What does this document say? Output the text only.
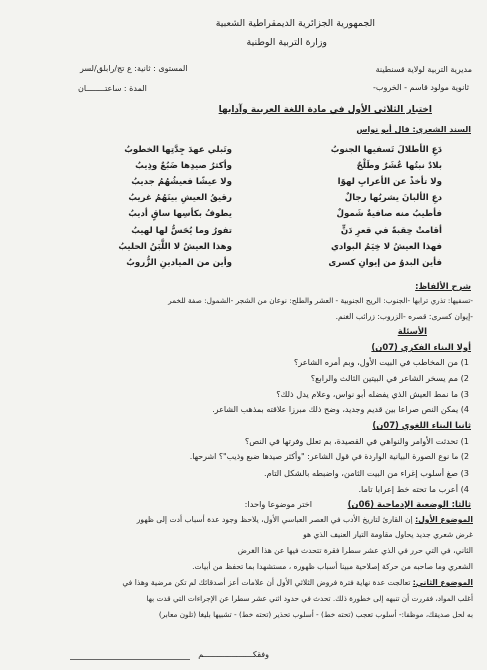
الجمهورية الجزائرية الديمقراطية الشعبية
وزارة التربية الوطنية
مديرية التربية لولاية قسنطينة
المستوى : ثانية: ع تج/رابلق/لسر
ثانوية مولود قاسم - الخروب-
المدة : ساعتــــــــان
اختبار الثلاثي الأول في مادة اللغة العربية وآدابها
السند الشعري: قال أبو نواس
دَعِ الأطلالَ تَسفيها الجنوبُ
بلادٌ نبتُها عُشَرٌ وطَلْحٌ
ولا تأخذْ عن الأعرابِ لهوًا
دعِ الألبانَ يشربُها رجالٌ
فأطيبُ منه صافيةٌ شَمولٌ
أقامتْ حِقبةً في قعرِ دَنٍّ
فهذا العيشُ لا خِيَمُ البوادي
فأين البدوُ من إيوانِ كسرى
وتَبلي عهدَ جِدَّتِها الخطوبُ
وأكثرُ صيدِها ضَبُعٌ وذِيبُ
ولا عيشًا فعيشُهُمُ جديبُ
رقيقُ العيشِ بينَهُمُ غريبُ
يطوفُ بكأسِها ساقٍ أديبُ
تفورُ وما يُحَسُّ لها لهيبُ
وهذا العيشُ لا اللَّبَنُ الحليبُ
وأين من الميادينِ الزُّروبُ
شرح الألفاظ:
-تسفيها: تذري ترابها -الجنوب: الريح الجنوبية - العشر والطلح: نوعان من الشجر -الشمول: صفة للخمر
-إيوان كسرى: قصره -الزروب: زرائب الغنم.
الأسئلة
أولا البناء الفكري (07ن)
1) من المخاطب في البيت الأول، وبم أمره الشاعر؟
2) مم يسخر الشاعر في البيتين الثالث والرابع؟
3) ما نمط العيش الذي يفضله أبو نواس، وعلام يدل ذلك؟
4) يمكن النص صراعا بين قديم وجديد، وضح ذلك مبرزا علاقته بمذهب الشاعر.
ثانيا البناء اللغوي (07ن)
1) تحدثت الأوامر والنواهي في القصيدة، بم تعلل وفرتها في النص؟
2) ما نوع الصورة البيانية الواردة في قول الشاعر: "وأكثر صيدها ضبع وذيب"؟ اشرحها.
3) صغ أسلوب إغراء من البيت الثامن، واضبطه بالشكل التام.
4) أعرب ما تحته خط إعرابا تاما.
ثالثا: الوضعية الإدماجية (06ن)
اختر موضوعا واحدا:
الموضوع الأول: إن القارئ لتاريخ الأدب في العصر العباسي الأول، يلاحظ وجود عدة أسباب أدت إلى ظهور
غرض شعري جديد يحاول مقاومة التيار العنيف الذي هو
الثاني، في التي حرر في الذي عشر سطرا فقرة تتحدث فيها عن هذا الغرض
الشعري وما صاحبه من حركة إصلاحية مبينا أسباب ظهوره ، مستشهدا بما تحفظ من أبيات.
الموضوع الثاني: تعالجت عدة نهاية فترة فروض الثلاثي الأول أن علامات أعز أصدقائك لم تكن مرضية وهذا في
أغلب المواد، فقررت أن تنبهه إلى خطورة ذلك. تحدث في حدود اثني عشر سطرا عن الإجراءات التي قدت بها
به لحل صديقك، موظفا:- أسلوب تعجب (تحته خط) - أسلوب تحذير (تحته خط) - تشبيها بليغا (تلون معابر)
وفقكـــــــــــــــــــــم
